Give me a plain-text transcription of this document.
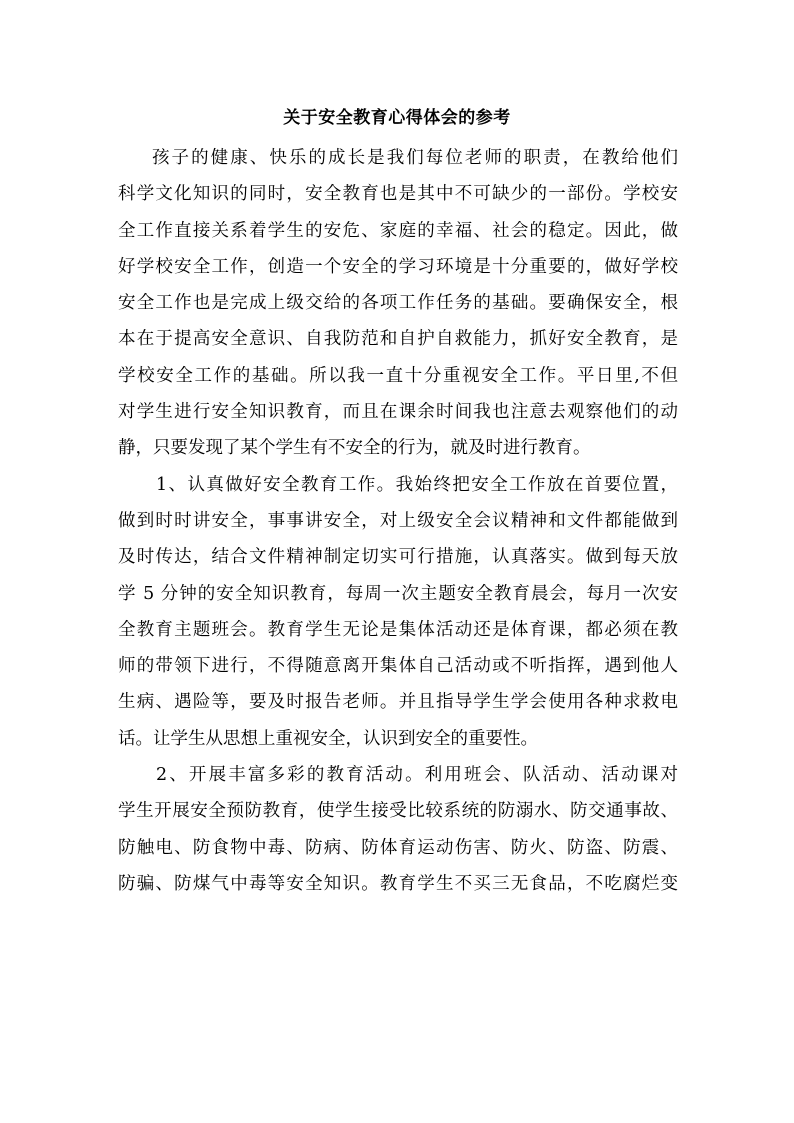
关于安全教育心得体会的参考
孩子的健康、快乐的成长是我们每位老师的职责，在教给他们
科学文化知识的同时，安全教育也是其中不可缺少的一部份。学校安
全工作直接关系着学生的安危、家庭的幸福、社会的稳定。因此，做
好学校安全工作，创造一个安全的学习环境是十分重要的，做好学校
安全工作也是完成上级交给的各项工作任务的基础。要确保安全，根
本在于提高安全意识、自我防范和自护自救能力，抓好安全教育，是
学校安全工作的基础。所以我一直十分重视安全工作。平日里,不但
对学生进行安全知识教育，而且在课余时间我也注意去观察他们的动
静，只要发现了某个学生有不安全的行为，就及时进行教育。
1、认真做好安全教育工作。我始终把安全工作放在首要位置，
做到时时讲安全，事事讲安全，对上级安全会议精神和文件都能做到
及时传达，结合文件精神制定切实可行措施，认真落实。做到每天放
学 5 分钟的安全知识教育，每周一次主题安全教育晨会，每月一次安
全教育主题班会。教育学生无论是集体活动还是体育课，都必须在教
师的带领下进行，不得随意离开集体自己活动或不听指挥，遇到他人
生病、遇险等，要及时报告老师。并且指导学生学会使用各种求救电
话。让学生从思想上重视安全，认识到安全的重要性。
2、开展丰富多彩的教育活动。利用班会、队活动、活动课对
学生开展安全预防教育，使学生接受比较系统的防溺水、防交通事故、
防触电、防食物中毒、防病、防体育运动伤害、防火、防盗、防震、
防骗、防煤气中毒等安全知识。教育学生不买三无食品，不吃腐烂变
